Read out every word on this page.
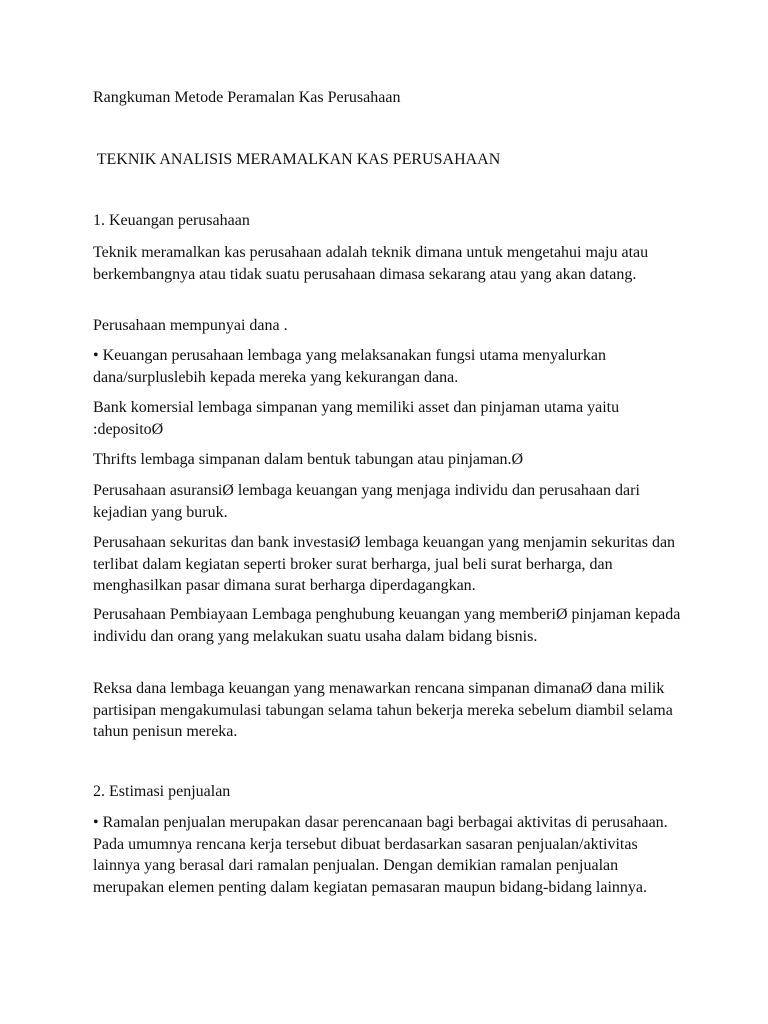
Rangkuman Metode Peramalan Kas Perusahaan
TEKNIK ANALISIS MERAMALKAN KAS PERUSAHAAN
1. Keuangan perusahaan
Teknik meramalkan kas perusahaan adalah teknik dimana untuk mengetahui maju atau berkembangnya atau tidak suatu perusahaan dimasa sekarang atau yang akan datang.
Perusahaan mempunyai dana .
• Keuangan perusahaan lembaga yang melaksanakan fungsi utama menyalurkan dana/surpluslebih kepada mereka yang kekurangan dana.
Bank komersial lembaga simpanan yang memiliki asset dan pinjaman utama yaitu :depositoØ
Thrifts lembaga simpanan dalam bentuk tabungan atau pinjaman.Ø
Perusahaan asuransiØ lembaga keuangan yang menjaga individu dan perusahaan dari kejadian yang buruk.
Perusahaan sekuritas dan bank investasiØ lembaga keuangan yang menjamin sekuritas dan terlibat dalam kegiatan seperti broker surat berharga, jual beli surat berharga, dan menghasilkan pasar dimana surat berharga diperdagangkan.
Perusahaan Pembiayaan Lembaga penghubung keuangan yang memberiØ pinjaman kepada individu dan orang yang melakukan suatu usaha dalam bidang bisnis.
Reksa dana lembaga keuangan yang menawarkan rencana simpanan dimanaØ dana milik partisipan mengakumulasi tabungan selama tahun bekerja mereka sebelum diambil selama tahun penisun mereka.
2. Estimasi penjualan
• Ramalan penjualan merupakan dasar perencanaan bagi berbagai aktivitas di perusahaan. Pada umumnya rencana kerja tersebut dibuat berdasarkan sasaran penjualan/aktivitas lainnya yang berasal dari ramalan penjualan. Dengan demikian ramalan penjualan merupakan elemen penting dalam kegiatan pemasaran maupun bidang-bidang lainnya.
